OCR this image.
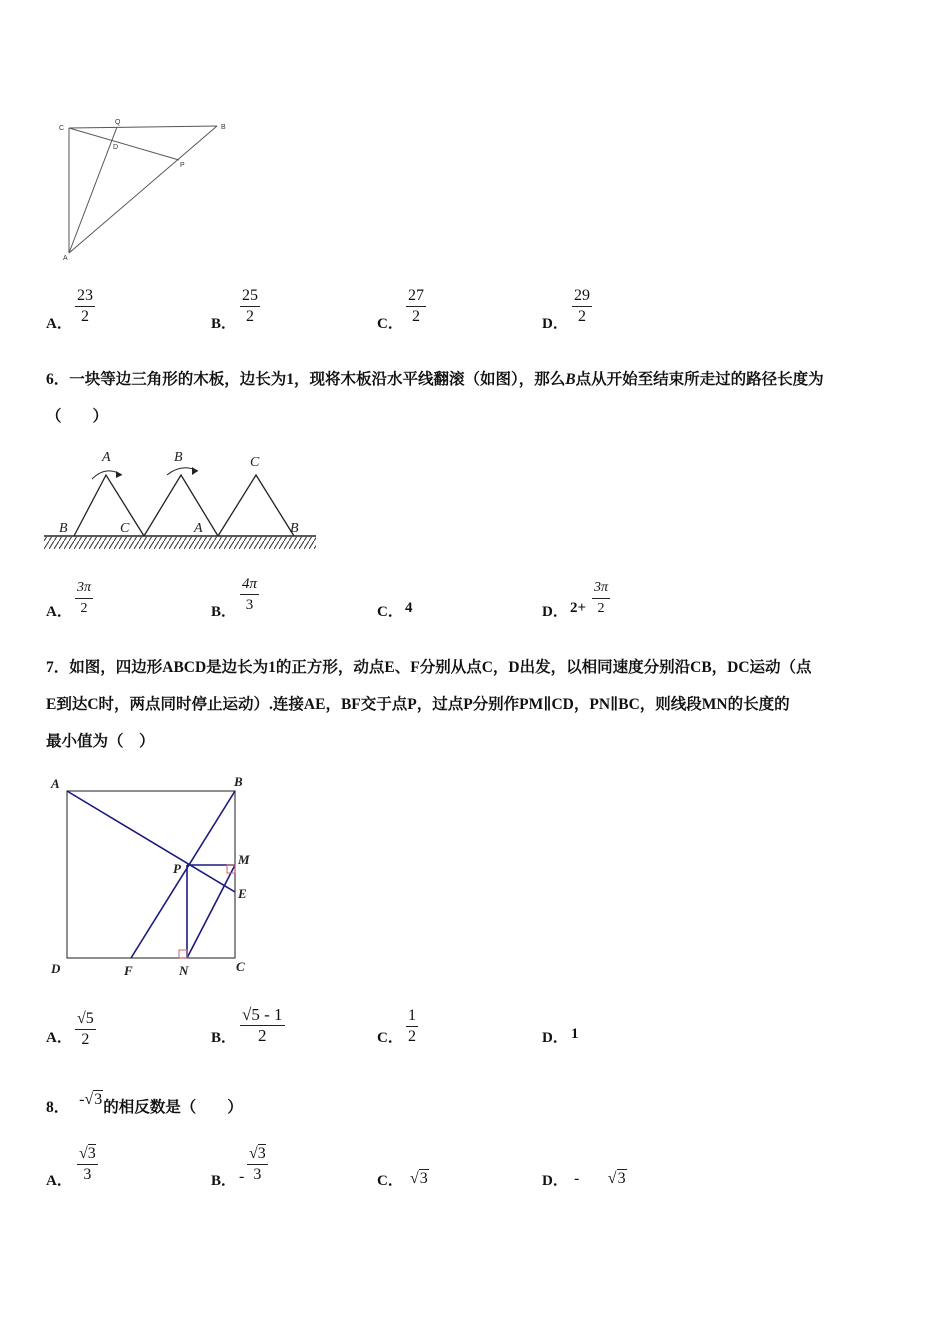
C
Q
B
D
P
A
A． $\frac{23}{2}$	B． $\frac{25}{2}$	C． $\frac{27}{2}$	D． $\frac{29}{2}$
6．一块等边三角形的木板，边长为1，现将木板沿水平线翻滚（如图），那么B点从开始至结束所走过的路径长度为
（　　）
A	B	C
B	C	A	B
A． $\frac{3\pi}{2}$	B． $\frac{4\pi}{3}$	C． 4	D． $2+ \frac{3\pi}{2}$
7．如图，四边形ABCD是边长为1的正方形，动点E、F分别从点C，D出发，以相同速度分别沿CB，DC运动（点
E到达C时，两点同时停止运动）.连接AE，BF交于点P，过点P分别作PM∥CD，PN∥BC，则线段MN的长度的
最小值为（　）
A	B
P
M
E
D	F	N	C
A． $\frac{√5}{2}$	B． $\frac{√5 - 1}{2}$	C． $\frac{1}{2}$	D． 1
8． -√3的相反数是（　　）
A． $\frac{√3}{3}$	B． - $\frac{√3}{3}$	C． √3	D． - √3
